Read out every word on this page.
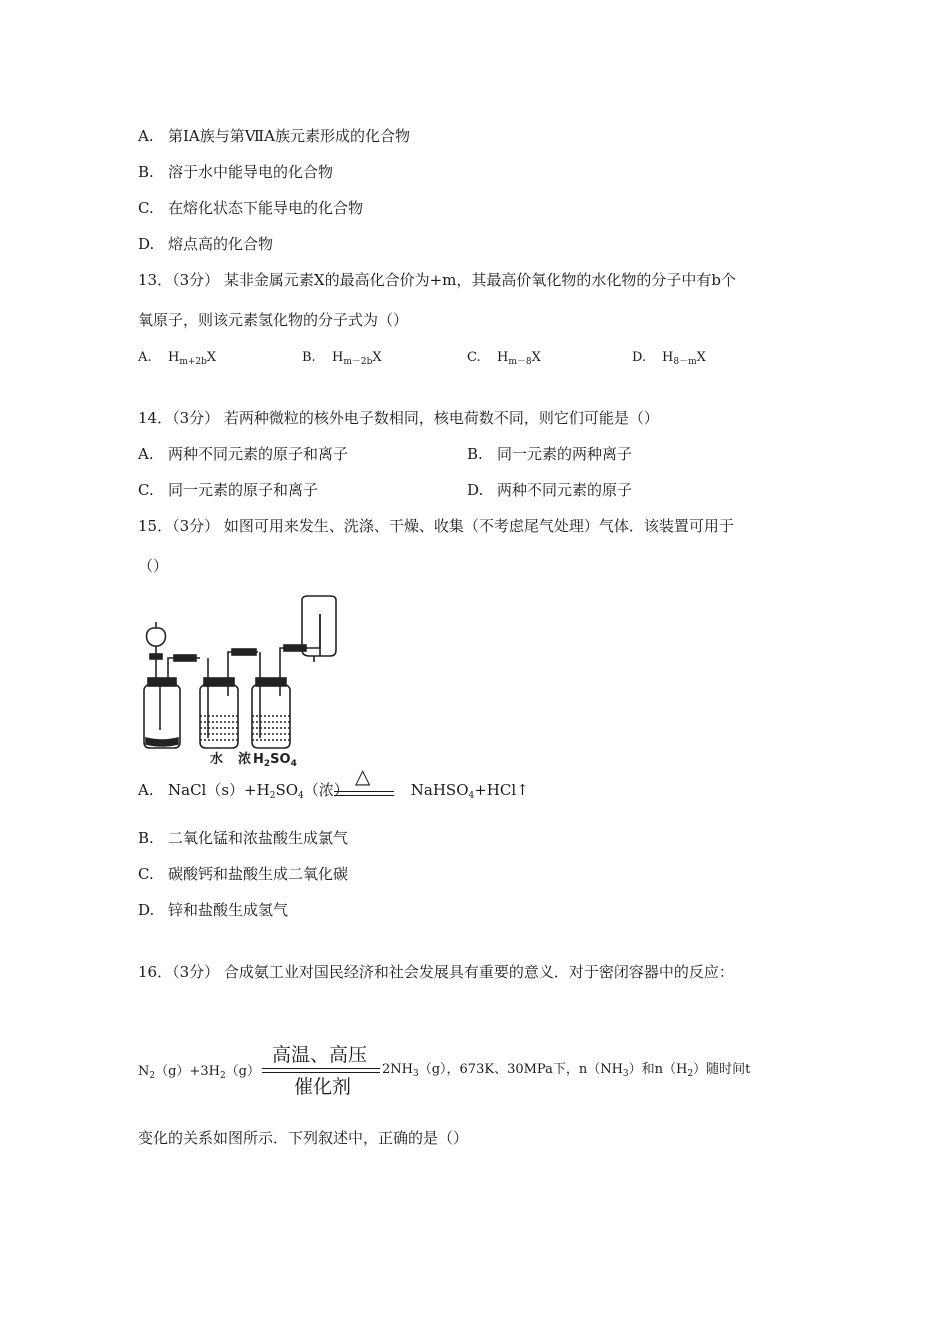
A. 第ⅠA族与第ⅦA族元素形成的化合物
B. 溶于水中能导电的化合物
C. 在熔化状态下能导电的化合物
D. 熔点高的化合物
13．（3分） 某非金属元素X的最高化合价为+m，其最高价氧化物的水化物的分子中有b个
氧原子，则该元素氢化物的分子式为（）
A. $H_{m+2b}X$	B. $H_{m-2b}X$	C. $H_{m-8}X$	D. $H_{8-m}X$
14．（3分） 若两种微粒的核外电子数相同，核电荷数不同，则它们可能是（）
A. 两种不同元素的原子和离子	B. 同一元素的两种离子
C. 同一元素的原子和离子	D. 两种不同元素的原子
15．（3分） 如图可用来发生、洗涤、干燥、收集（不考虑尾气处理）气体．该装置可用于
（）
水 浓 $H_2SO_4$
A. $NaCl(s)+H_2SO_4$（浓）	NaHSO$_4$+HCl↑
△
B. 二氧化锰和浓盐酸生成氯气
C. 碳酸钙和盐酸生成二氧化碳
D. 锌和盐酸生成氢气
16．（3分） 合成氨工业对国民经济和社会发展具有重要的意义．对于密闭容器中的反应：
高温、高压
催化剂
$N_2(g)+3H_2(g)$	$2NH_3(g)$，673K、30MPa下，$n(NH_3)$和$n(H_2)$随时间t
变化的关系如图所示．下列叙述中，正确的是（）
